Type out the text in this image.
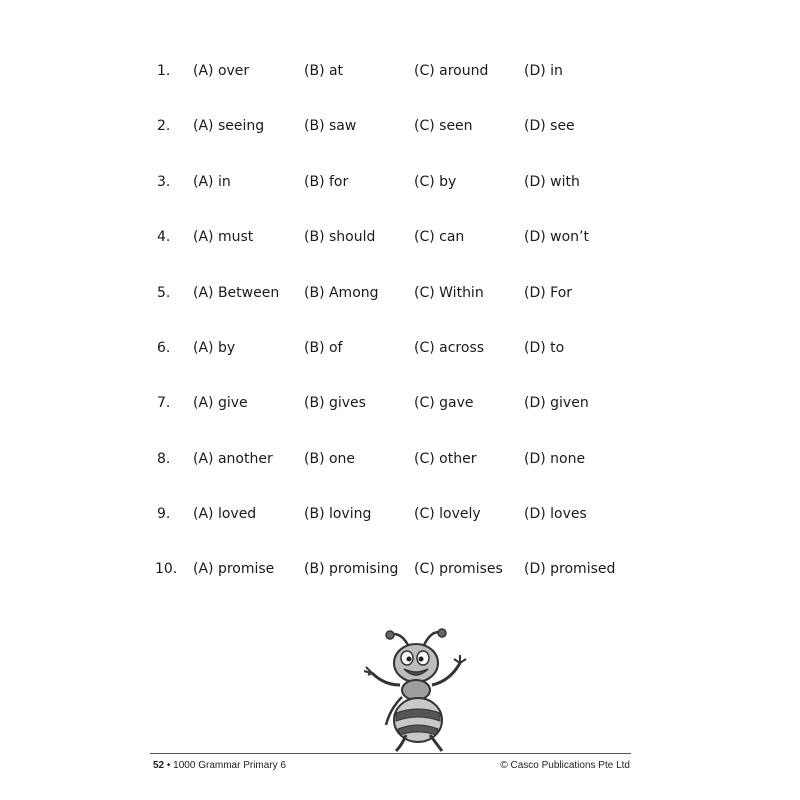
1. (A) over	(B) at	(C) around	(D) in
2. (A) seeing	(B) saw	(C) seen	(D) see
3. (A) in	(B) for	(C) by	(D) with
4. (A) must	(B) should	(C) can	(D) won’t
5. (A) Between (B) Among	(C) Within	(D) For
6. (A) by	(B) of	(C) across	(D) to
7. (A) give	(B) gives	(C) gave	(D) given
8. (A) another (B) one	(C) other	(D) none
9. (A) loved	(B) loving	(C) lovely	(D) loves
10. (A) promise (B) promising (C) promises (D) promised
52 • 1000 Grammar Primary 6	© Casco Publications Pte Ltd
